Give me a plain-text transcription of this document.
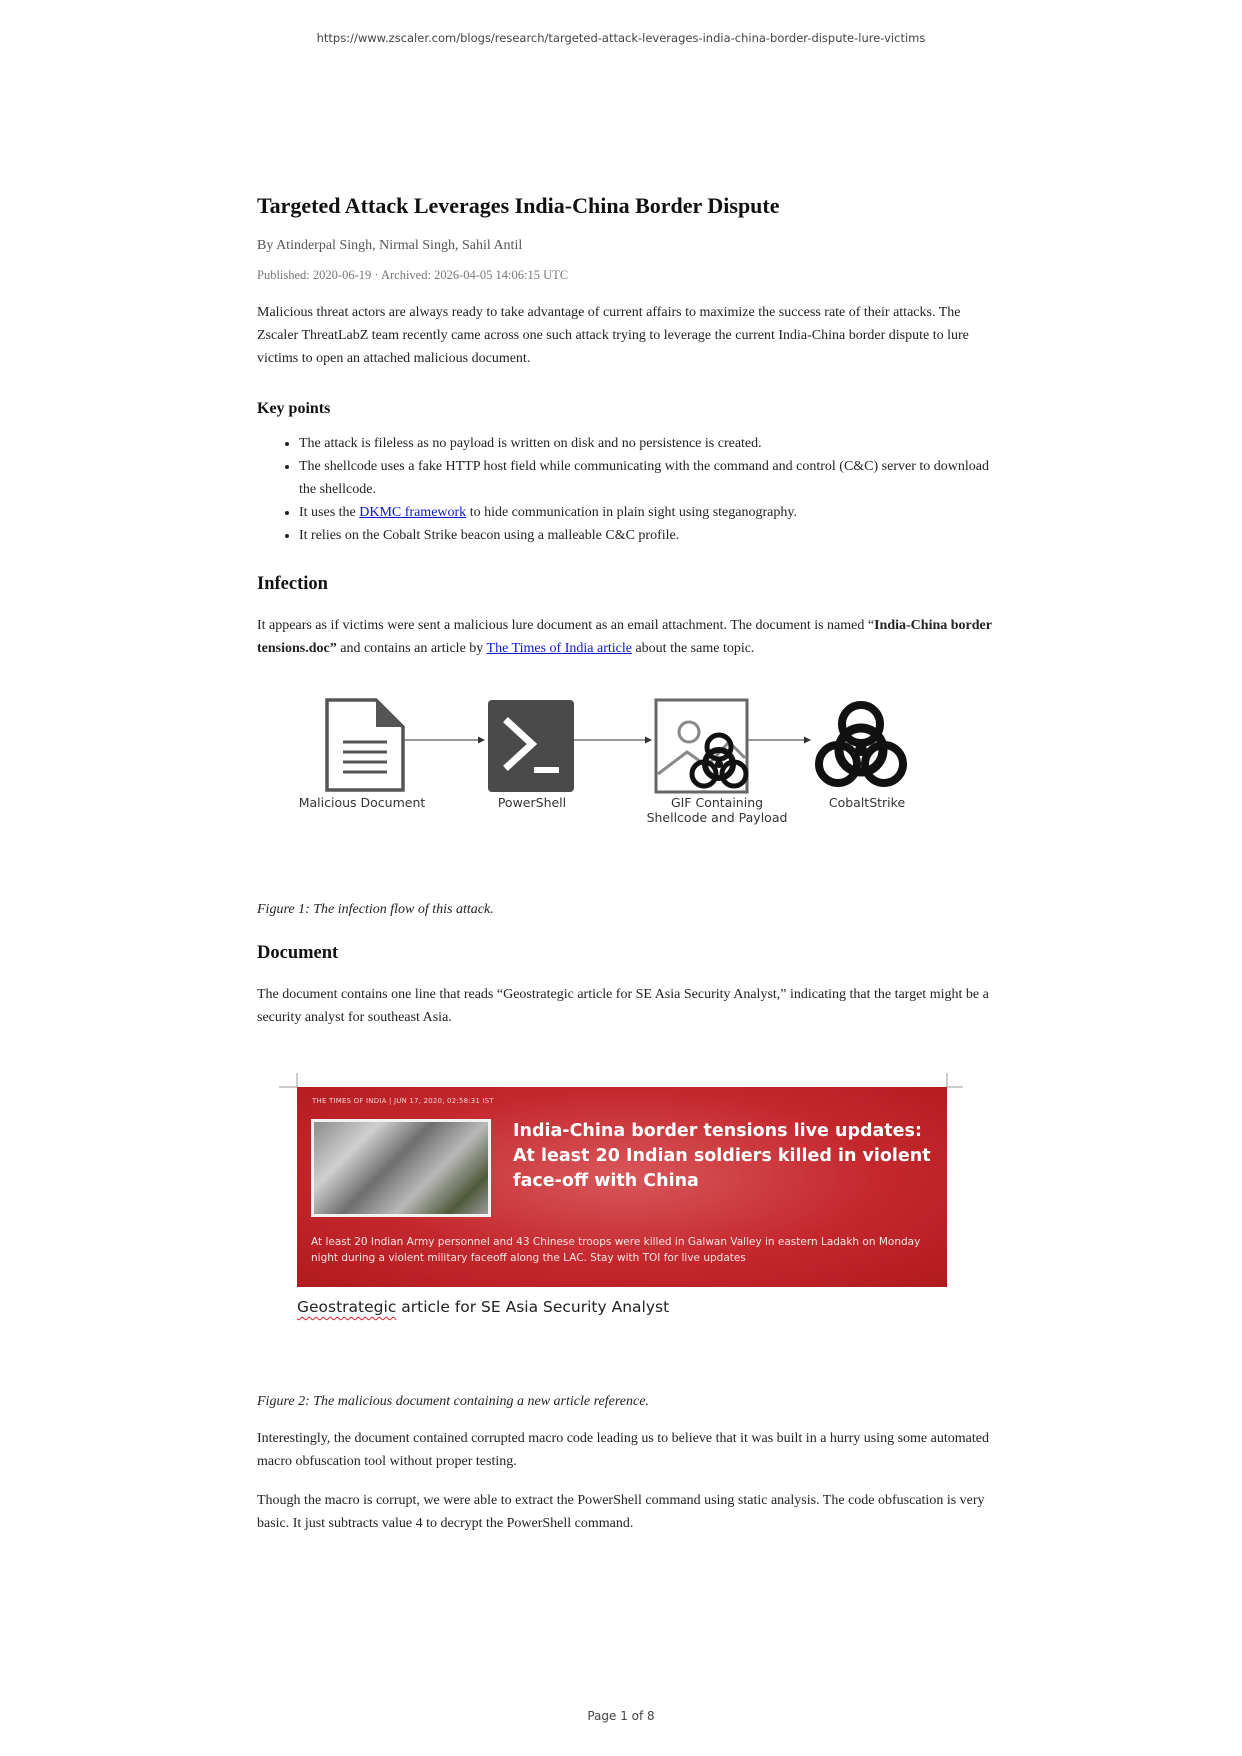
https://www.zscaler.com/blogs/research/targeted-attack-leverages-india-china-border-dispute-lure-victims
Targeted Attack Leverages India-China Border Dispute
By Atinderpal Singh, Nirmal Singh, Sahil Antil
Published: 2020-06-19 · Archived: 2026-04-05 14:06:15 UTC

Malicious threat actors are always ready to take advantage of current affairs to maximize the success rate of their attacks. The Zscaler ThreatLabZ team recently came across one such attack trying to leverage the current India-China border dispute to lure victims to open an attached malicious document.

Key points
• The attack is fileless as no payload is written on disk and no persistence is created.
• The shellcode uses a fake HTTP host field while communicating with the command and control (C&C) server to download the shellcode.
• It uses the DKMC framework to hide communication in plain sight using steganography.
• It relies on the Cobalt Strike beacon using a malleable C&C profile.
Infection

It appears as if victims were sent a malicious lure document as an email attachment. The document is named “India-China border tensions.doc” and contains an article by The Times of India article about the same topic.

Malicious Document	PowerShell	GIF Containing
Shellcode and Payload
CobaltStrike

Figure 1: The infection flow of this attack.

Document

The document contains one line that reads “Geostrategic article for SE Asia Security Analyst,” indicating that the target might be a security analyst for southeast Asia.

THE TIMES OF INDIA | JUN 17, 2020, 02:58:31 IST
India-China border tensions live updates: At least 20 Indian soldiers killed in violent face-off with China
At least 20 Indian Army personnel and 43 Chinese troops were killed in Galwan Valley in eastern Ladakh on Monday night during a violent military faceoff along the LAC. Stay with TOI for live updates
Geostrategic article for SE Asia Security Analyst

Figure 2: The malicious document containing a new article reference.

Interestingly, the document contained corrupted macro code leading us to believe that it was built in a hurry using some automated macro obfuscation tool without proper testing.

Though the macro is corrupt, we were able to extract the PowerShell command using static analysis. The code obfuscation is very basic. It just subtracts value 4 to decrypt the PowerShell command.

Page 1 of 8
